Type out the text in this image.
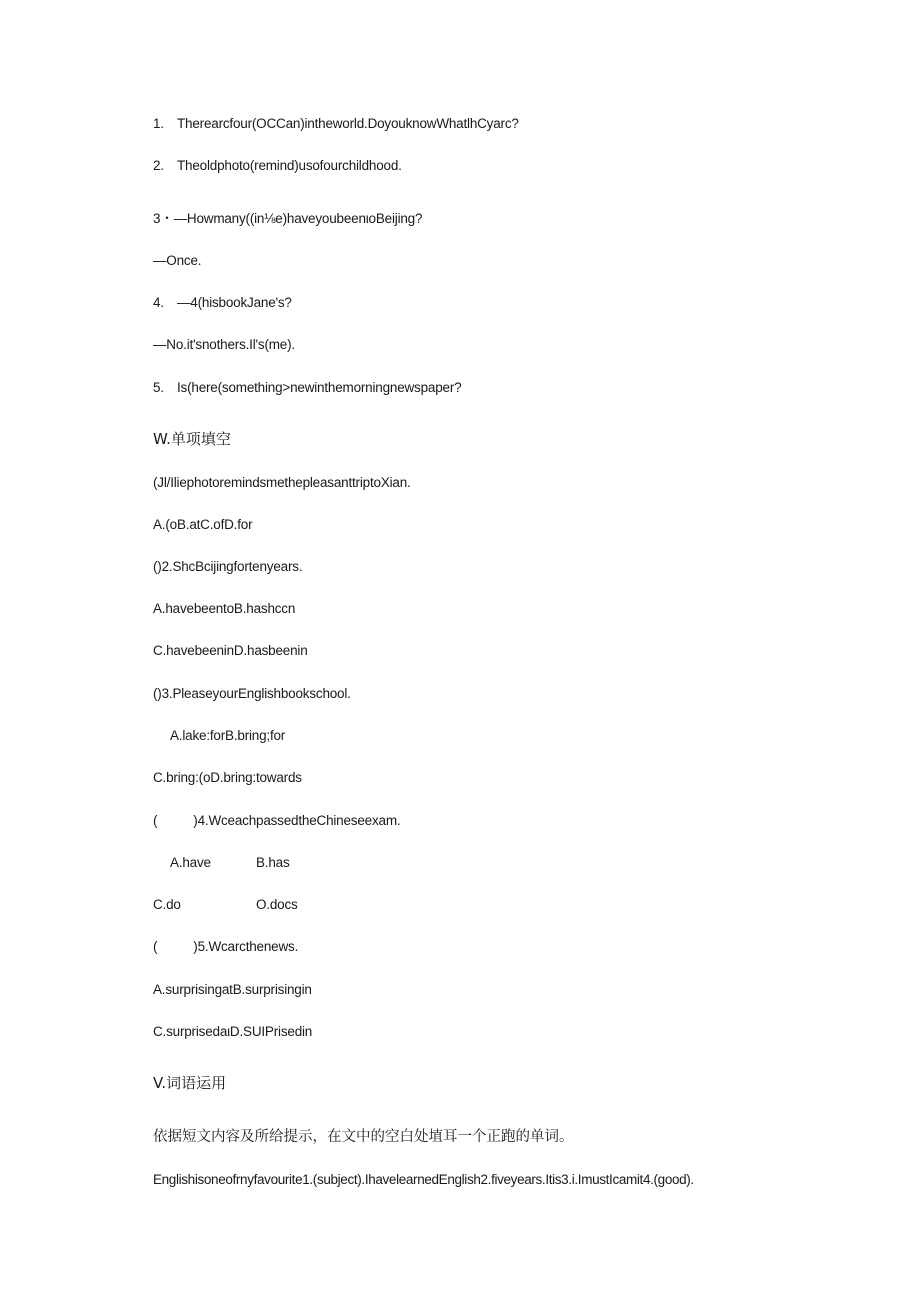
1. Therearcfour(OCCan)intheworld.DoyouknowWhatlhCyarc?
2. Theoldphoto(remind)usofourchildhood.
3・—Howmany((in⅛e)haveyoubeenιoBeijing?
—Once.
4. —4(hisbookJane's?
—No.it'snothers.Il's(me).
5. Is(here(something>newinthemorningnewspaper?
W.单项填空
(Jl/IliephotoremindsmethepleasanttriptoXian.
A.(oB.atC.ofD.for
()2.ShcBcijingfortenyears.
A.havebeentoB.hashccn
C.havebeeninD.hasbeenin
()3.PleaseyourEnglishbookschool.
A.lake:forB.bring;for
C.bring:(oD.bring:towards
(	)4.WceachpassedtheChineseexam.
A.have	B.has
C.do	O.docs
(	)5.Wcarcthenews.
A.surprisingatB.surprisingin
C.surprisedaιD.SUIPrisedin
V.词语运用
依据短文内容及所给提示，在文中的空白处埴耳一个正跑的单词。
Englishisoneofrnyfavourite1.(subject).IhavelearnedEnglish2.fiveyears.Itis3.i.ImustIcamit4.(good).
